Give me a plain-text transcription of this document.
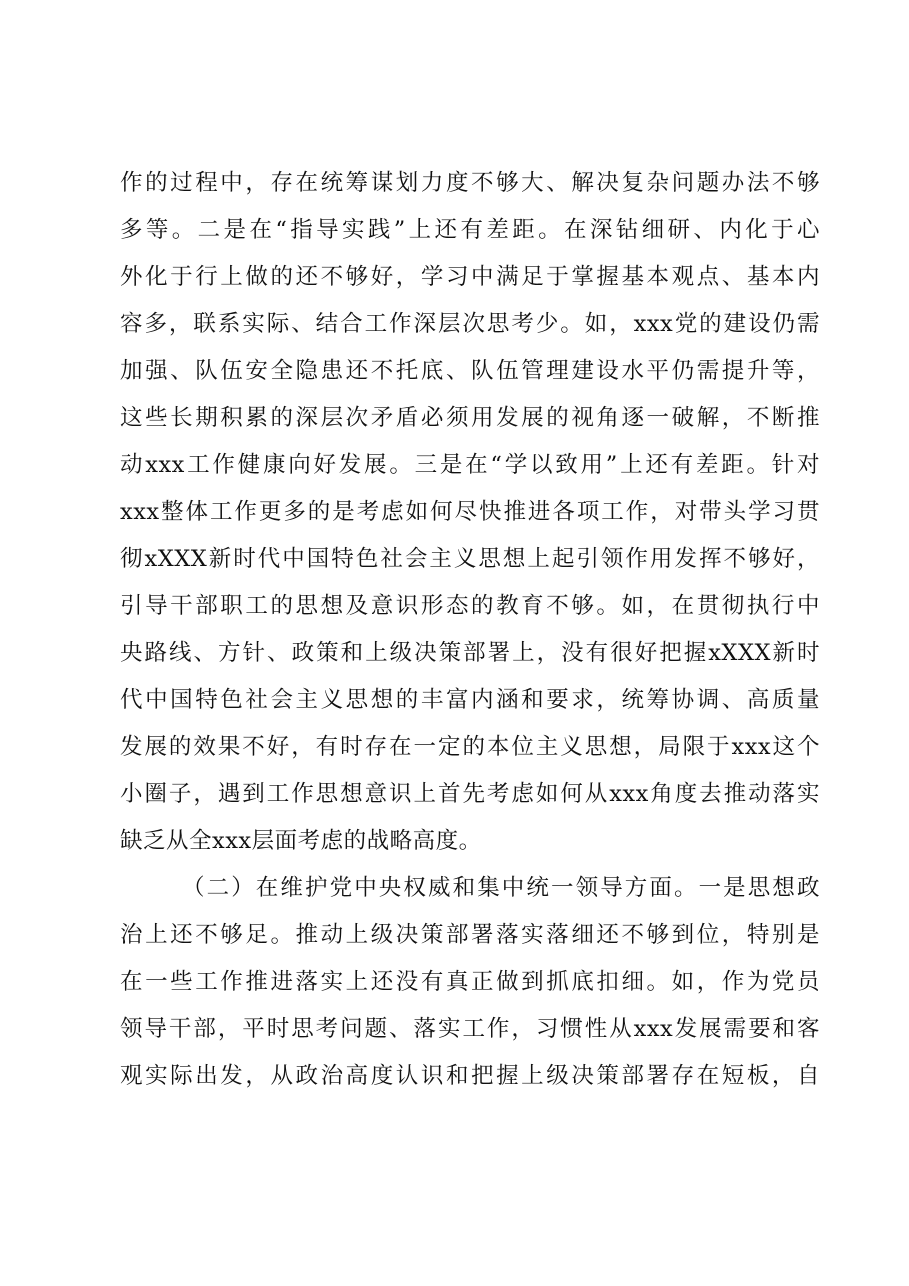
作的过程中，存在统筹谋划力度不够大、解决复杂问题办法不够
多等。二是在“指导实践”上还有差距。在深钻细研、内化于心
外化于行上做的还不够好，学习中满足于掌握基本观点、基本内
容多，联系实际、结合工作深层次思考少。如，xxx党的建设仍需
加强、队伍安全隐患还不托底、队伍管理建设水平仍需提升等，
这些长期积累的深层次矛盾必须用发展的视角逐一破解，不断推
动xxx工作健康向好发展。三是在“学以致用”上还有差距。针对
xxx整体工作更多的是考虑如何尽快推进各项工作，对带头学习贯
彻xXXX新时代中国特色社会主义思想上起引领作用发挥不够好，
引导干部职工的思想及意识形态的教育不够。如，在贯彻执行中
央路线、方针、政策和上级决策部署上，没有很好把握xXXX新时
代中国特色社会主义思想的丰富内涵和要求，统筹协调、高质量
发展的效果不好，有时存在一定的本位主义思想，局限于xxx这个
小圈子，遇到工作思想意识上首先考虑如何从xxx角度去推动落实
缺乏从全xxx层面考虑的战略高度。
（二）在维护党中央权威和集中统一领导方面。一是思想政
治上还不够足。推动上级决策部署落实落细还不够到位，特别是
在一些工作推进落实上还没有真正做到抓底扣细。如，作为党员
领导干部，平时思考问题、落实工作，习惯性从xxx发展需要和客
观实际出发，从政治高度认识和把握上级决策部署存在短板，自
